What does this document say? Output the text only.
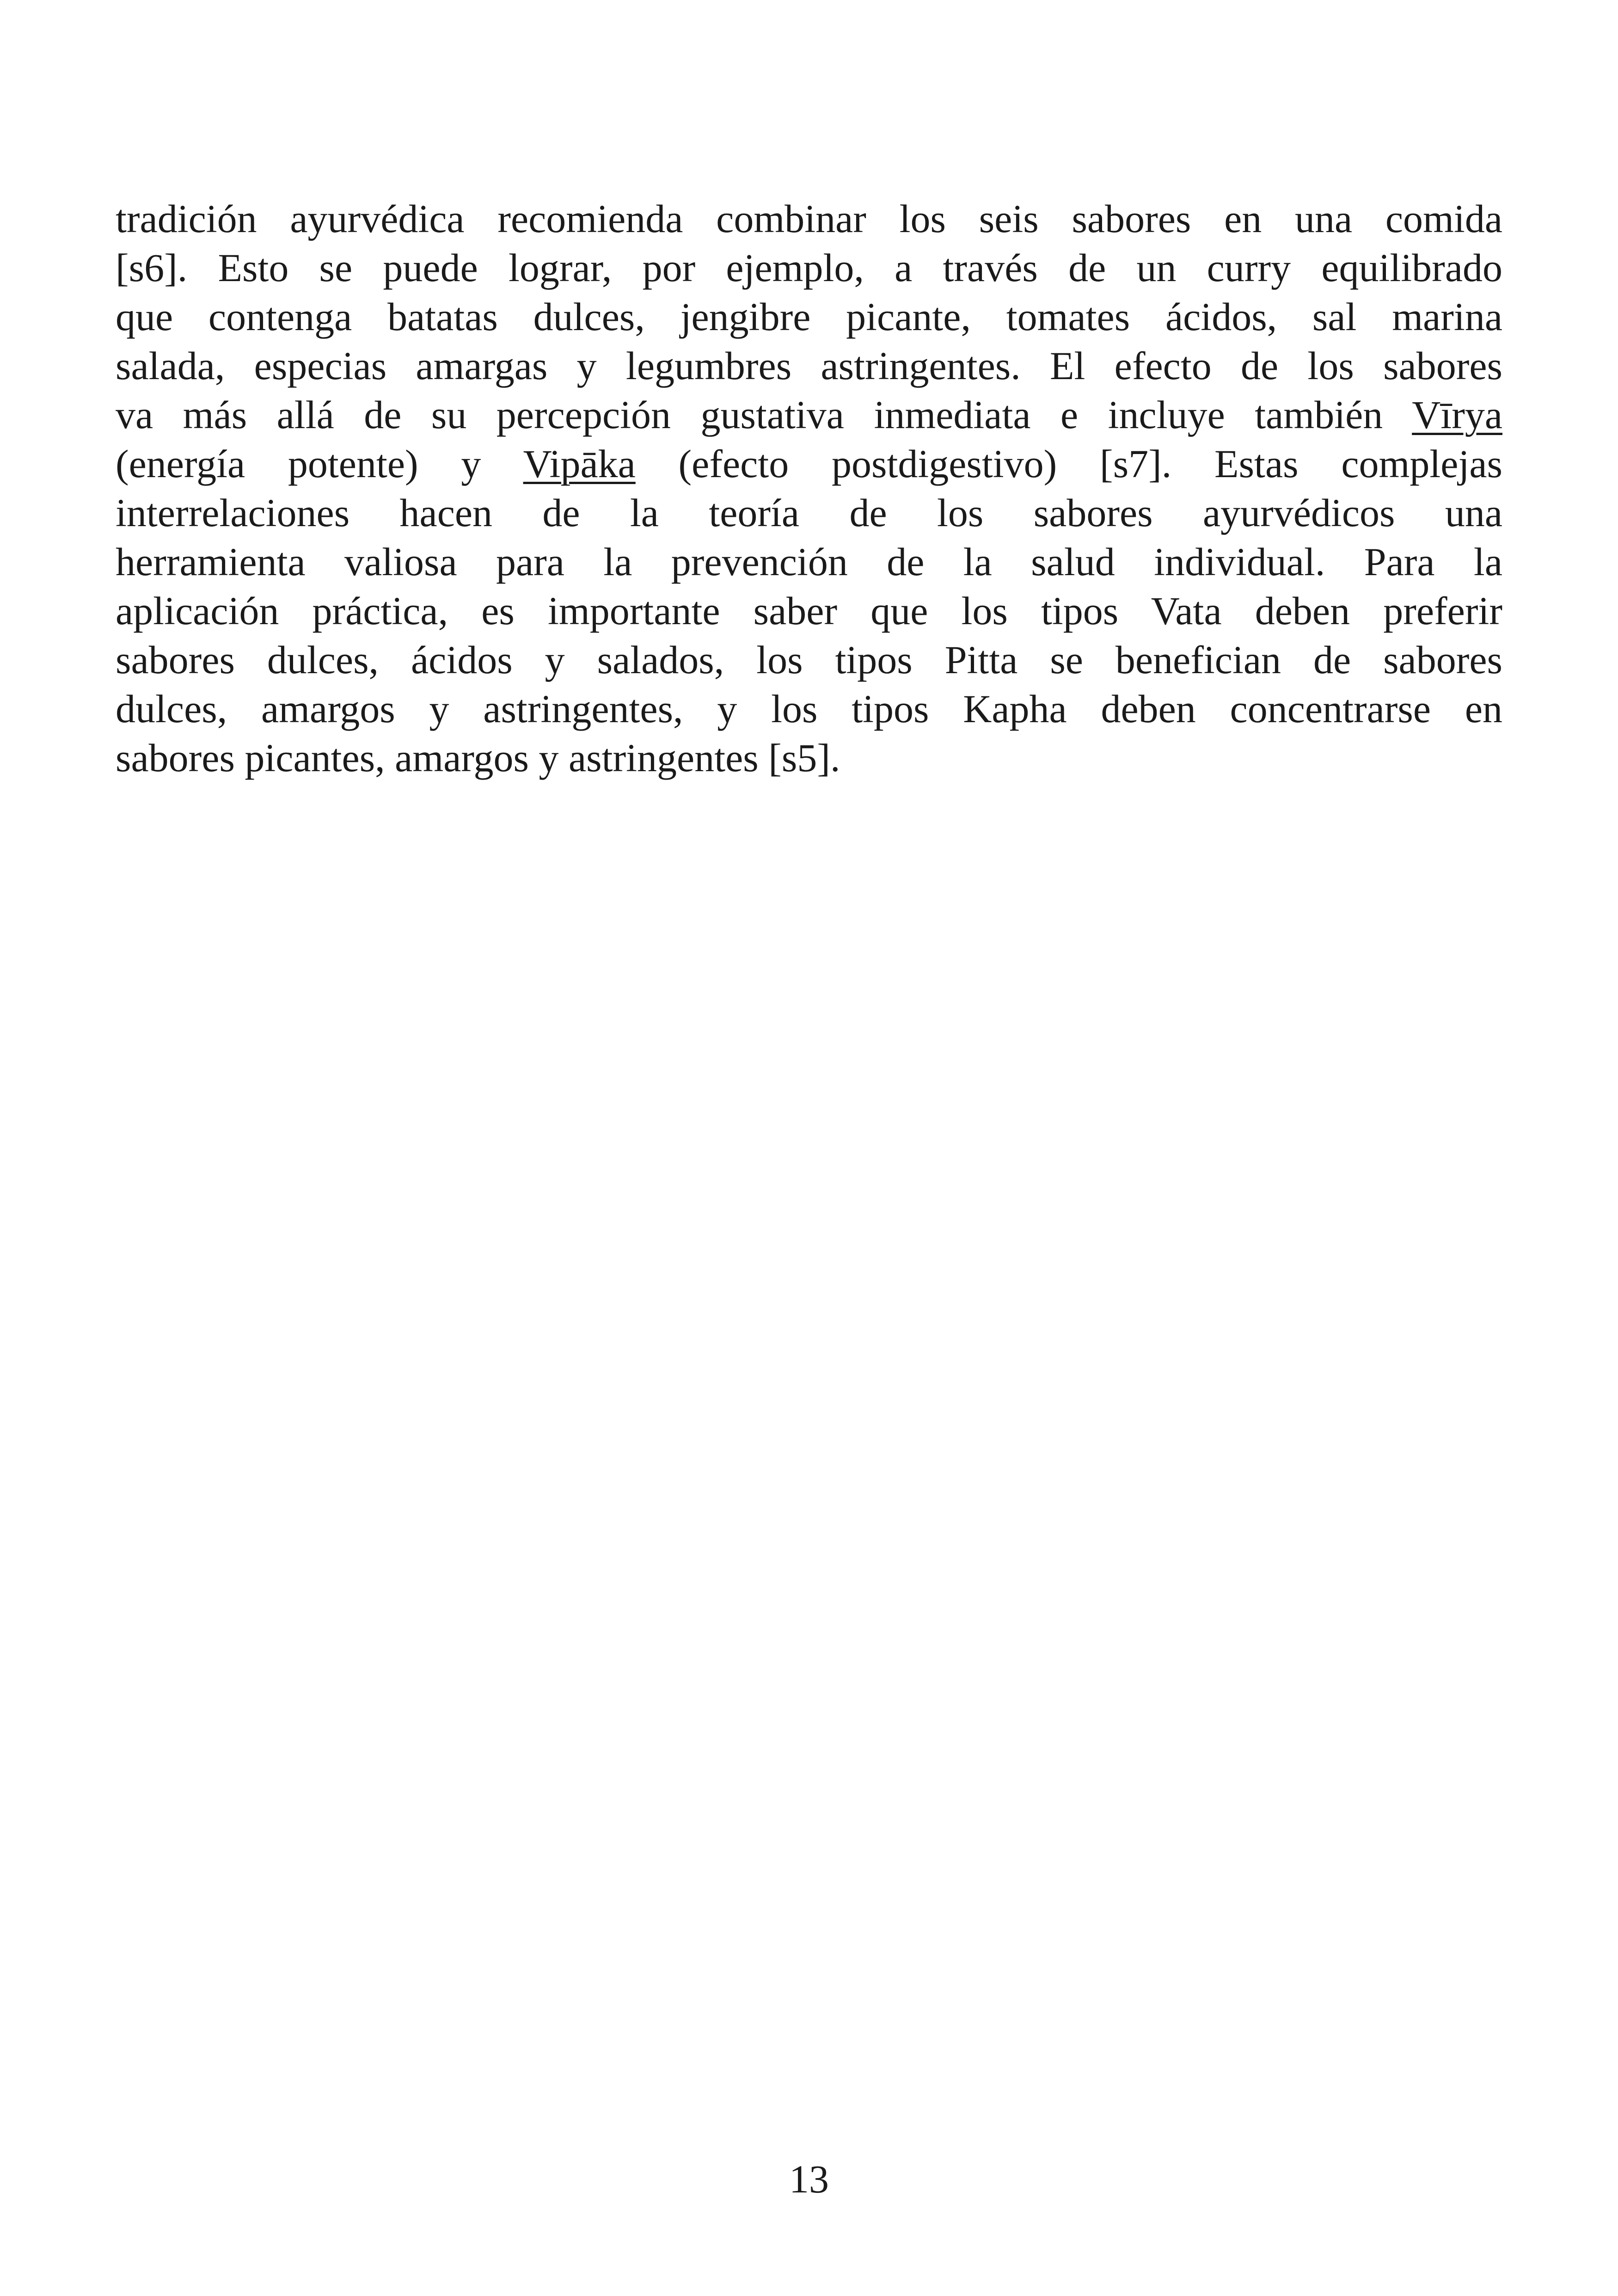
tradición ayurvédica recomienda combinar los seis sabores en una comida
[s6]. Esto se puede lograr, por ejemplo, a través de un curry equilibrado
que contenga batatas dulces, jengibre picante, tomates ácidos, sal marina
salada, especias amargas y legumbres astringentes. El efecto de los sabores
va más allá de su percepción gustativa inmediata e incluye también Vīrya
(energía potente) y Vipāka (efecto postdigestivo) [s7]. Estas complejas
interrelaciones hacen de la teoría de los sabores ayurvédicos una
herramienta valiosa para la prevención de la salud individual. Para la
aplicación práctica, es importante saber que los tipos Vata deben preferir
sabores dulces, ácidos y salados, los tipos Pitta se benefician de sabores
dulces, amargos y astringentes, y los tipos Kapha deben concentrarse en
sabores picantes, amargos y astringentes [s5].
13
